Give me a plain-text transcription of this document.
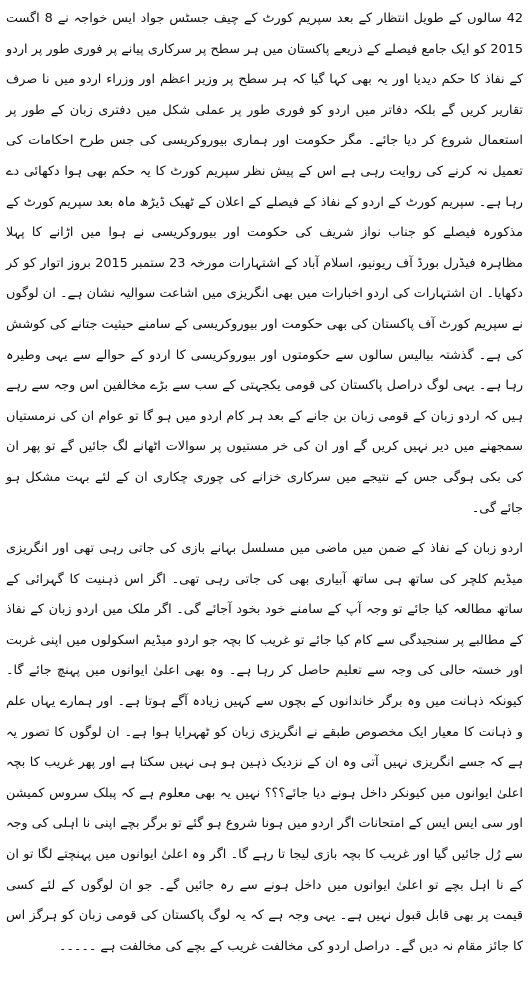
42 سالوں کے طویل انتظار کے بعد سپریم کورٹ کے چیف جسٹس جواد ایس خواجہ نے 8 اگست 2015 کو ایک جامع فیصلے کے ذریعے پاکستان میں ہر سطح پر سرکاری پیانے پر فوری طور پر اردو کے نفاذ کا حکم دیدیا اور یہ بھی کہا گیا کہ ہر سطح پر وزیر اعظم اور وزراء اردو میں نا صرف تقاریر کریں گے بلکہ دفاتر میں اردو کو فوری طور پر عملی شکل میں دفتری زبان کے طور پر استعمال شروع کر دیا جائے۔ مگر حکومت اور ہماری بیوروکریسی کی جس طرح احکامات کی تعمیل نہ کرنے کی روایت رہی ہے اس کے پیش نظر سپریم کورٹ کا یہ حکم بھی ہوا دکھائی دے رہا ہے۔ سپریم کورٹ کے اردو کے نفاذ کے فیصلے کے اعلان کے ٹھیک ڈیڑھ ماہ بعد سپریم کورٹ کے مذکورہ فیصلے کو جناب نواز شریف کی حکومت اور بیوروکریسی نے ہوا میں اڑانے کا پہلا مظاہرہ فیڈرل بورڈ آف ریونیو، اسلام آباد کے اشتہارات مورخہ 23 ستمبر 2015 بروز اتوار کو کر دکھایا۔ ان اشتہارات کی اردو اخبارات میں بھی انگریزی میں اشاعت سوالیہ نشان ہے۔ ان لوگوں نے سپریم کورٹ آف پاکستان کی بھی حکومت اور بیوروکریسی کے سامنے حیثیت جتانے کی کوشش کی ہے۔ گذشتہ بیالیس سالوں سے حکومتوں اور بیوروکریسی کا اردو کے حوالے سے یہی وطیرہ رہا ہے۔ یہی لوگ دراصل پاکستان کی قومی یکجہتی کے سب سے بڑے مخالفین اس وجہ سے رہے ہیں کہ اردو زبان کے قومی زبان بن جانے کے بعد ہر کام اردو میں ہو گا تو عوام ان کی نرمستیاں سمجھنے میں دیر نہیں کریں گے اور ان کی خر مستیوں پر سوالات اٹھانے لگ جائیں گے تو پھر ان کی بکی ہوگی جس کے نتیجے میں سرکاری خزانے کی چوری چکاری ان کے لئے بہت مشکل ہو جائے گی۔

اردو زبان کے نفاذ کے ضمن میں ماضی میں مسلسل بہانے بازی کی جاتی رہی تھی اور انگریزی میڈیم کلچر کی ساتھ ہی ساتھ آبیاری بھی کی جاتی رہی تھی۔ اگر اس ذہنیت کا گہرائی کے ساتھ مطالعہ کیا جائے تو وجہ آپ کے سامنے خود بخود آجائے گی۔ اگر ملک میں اردو زبان کے نفاذ کے مطالبے پر سنجیدگی سے کام کیا جائے تو غریب کا بچہ جو اردو میڈیم اسکولوں میں اپنی غربت اور خستہ حالی کی وجہ سے تعلیم حاصل کر رہا ہے۔ وہ بھی اعلیٰ ایوانوں میں پہنچ جائے گا۔ کیونکہ ذہانت میں وہ برگر خاندانوں کے بچوں سے کہیں زیادہ آگے ہوتا ہے۔ اور ہمارے یہاں علم و ذہانت کا معیار ایک مخصوص طبقے نے انگریزی زبان کو ٹھہرایا ہوا ہے۔ ان لوگوں کا تصور یہ ہے کہ جسے انگریزی نہیں آتی وہ ان کے نزدیک ذہین ہو ہی نہیں سکتا ہے اور پھر غریب کا بچہ اعلیٰ ایوانوں میں کیونکر داخل ہونے دیا جائے؟؟؟ نہیں یہ بھی معلوم ہے کہ پبلک سروس کمیشن اور سی ایس ایس کے امتحانات اگر اردو میں ہونا شروع ہو گئے تو برگر بچے اپنی نا اہلی کی وجہ سے رُل جائیں گیا اور غریب کا بچہ بازی لیجا تا رہے گا۔ اگر وہ اعلیٰ ایوانوں میں پہنچتے لگا تو ان کے نا اہل بچے تو اعلیٰ ایوانوں میں داخل ہونے سے رہ جائیں گے۔ جو ان لوگوں کے لئے کسی قیمت پر بھی قابل قبول نہیں ہے۔ یہی وجہ ہے کہ یہ لوگ پاکستان کی قومی زبان کو ہرگز اس کا جائز مقام نہ دیں گے۔ دراصل اردو کی مخالفت غریب کے بچے کی مخالفت ہے ۔۔۔۔۔
